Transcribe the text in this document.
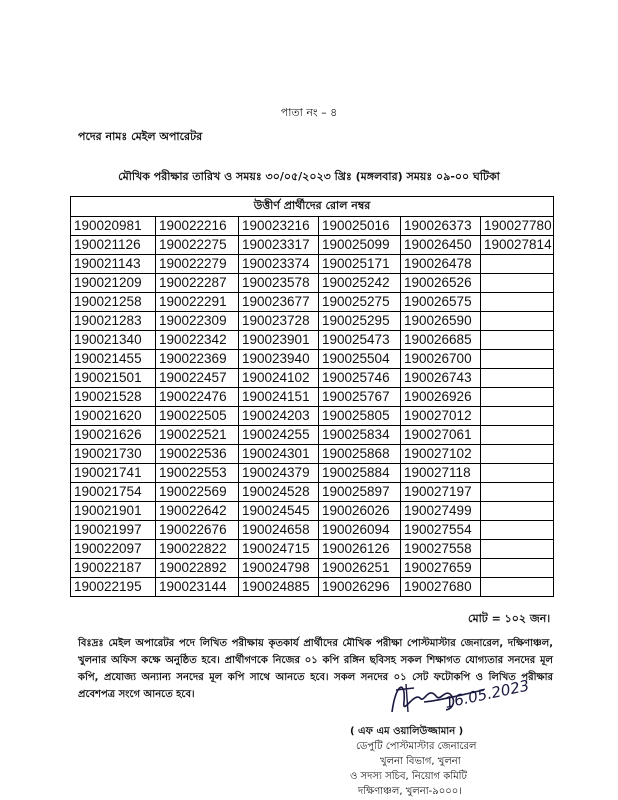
পাতা নং – ৪
পদের নামঃ মেইল অপারেটর
মৌখিক পরীক্ষার তারিখ ও সময়ঃ ৩০/০৫/২০২৩ খ্রিঃ (মঙ্গলবার) সময়ঃ ০৯-০০ ঘটিকা
উত্তীর্ণ প্রার্থীদের রোল নম্বর					
190020981	190022216	190023216	190025016	190026373	190027780
190021126	190022275	190023317	190025099	190026450	190027814
190021143	190022279	190023374	190025171	190026478	
190021209	190022287	190023578	190025242	190026526	
190021258	190022291	190023677	190025275	190026575	
190021283	190022309	190023728	190025295	190026590	
190021340	190022342	190023901	190025473	190026685	
190021455	190022369	190023940	190025504	190026700	
190021501	190022457	190024102	190025746	190026743	
190021528	190022476	190024151	190025767	190026926	
190021620	190022505	190024203	190025805	190027012	
190021626	190022521	190024255	190025834	190027061	
190021730	190022536	190024301	190025868	190027102	
190021741	190022553	190024379	190025884	190027118	
190021754	190022569	190024528	190025897	190027197	
190021901	190022642	190024545	190026026	190027499	
190021997	190022676	190024658	190026094	190027554	
190022097	190022822	190024715	190026126	190027558	
190022187	190022892	190024798	190026251	190027659	
190022195	190023144	190024885	190026296	190027680	
মোট = ১০২ জন।
বিঃদ্রঃ মেইল অপারেটর পদে লিখিত পরীক্ষায় কৃতকার্য প্রার্থীদের মৌখিক পরীক্ষা পোস্টমাস্টার জেনারেল, দক্ষিণাঞ্চল, খুলনার অফিস কক্ষে অনুষ্ঠিত হবে। প্রার্থীগণকে নিজের ০১ কপি রঙ্গিন ছবিসহ সকল শিক্ষাগত যোগ্যতার সনদের মূল কপি, প্রযোজ্য অন্যান্য সনদের মূল কপি সাথে আনতে হবে। সকল সনদের ০১ সেট ফটোকপি ও লিখিত পরীক্ষার প্রবেশপত্র সংগে আনতে হবে।	16.05.2023
( এফ এম ওয়ালিউজ্জামান )
ডেপুটি পোস্টমাস্টার জেনারেল
খুলনা বিভাগ, খুলনা
ও সদস্য সচিব, নিয়োগ কমিটি
দক্ষিণাঞ্চল, খুলনা-৯০০০।
